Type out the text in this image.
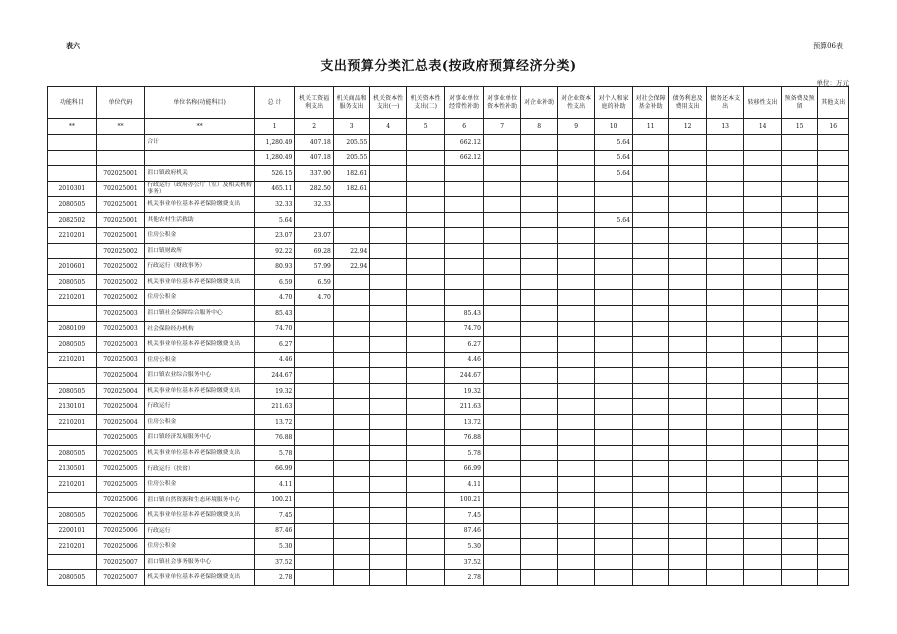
表六	预算06表
支出预算分类汇总表(按政府预算经济分类)
单位：万元
功能科目	单位代码	单位名称(功能科目)	总 计	机关工资福利支出	机关商品和服务支出	机关资本性支出(一)	机关资本性支出(二)	对事业单位经常性补助	对事业单位资本性补助	对企业补助	对企业资本性支出	对个人和家庭的补助	对社会保障基金补助	债务利息及费用支出	债务还本支出	转移性支出	预备费及预留	其他支出
**	**	**	1	2	3	4	5	6	7	8	9	10	11	12	13	14	15	16
		合计	1,280.49	407.18	205.55			662.12				5.64						
			1,280.49	407.18	205.55			662.12				5.64						
	702025001	沮口镇政府机关	526.15	337.90	182.61							5.64						
2010301	702025001	行政运行（政府办公厅（室）及相关机构事务）	465.11	282.50	182.61													
2080505	702025001	机关事业单位基本养老保险缴费支出	32.33	32.33														
2082502	702025001	其他农村生活救助	5.64									5.64						
2210201	702025001	住房公积金	23.07	23.07														
	702025002	沮口镇财政所	92.22	69.28	22.94													
2010601	702025002	行政运行（财政事务）	80.93	57.99	22.94													
2080505	702025002	机关事业单位基本养老保险缴费支出	6.59	6.59														
2210201	702025002	住房公积金	4.70	4.70														
	702025003	沮口镇社会保障综合服务中心	85.43					85.43										
2080109	702025003	社会保险经办机构	74.70					74.70										
2080505	702025003	机关事业单位基本养老保险缴费支出	6.27					6.27										
2210201	702025003	住房公积金	4.46					4.46										
	702025004	沮口镇农业综合服务中心	244.67					244.67										
2080505	702025004	机关事业单位基本养老保险缴费支出	19.32					19.32										
2130101	702025004	行政运行	211.63					211.63										
2210201	702025004	住房公积金	13.72					13.72										
	702025005	沮口镇经济发展服务中心	76.88					76.88										
2080505	702025005	机关事业单位基本养老保险缴费支出	5.78					5.78										
2130501	702025005	行政运行（扶贫）	66.99					66.99										
2210201	702025005	住房公积金	4.11					4.11										
	702025006	沮口镇自然资源和生态环境服务中心	100.21					100.21										
2080505	702025006	机关事业单位基本养老保险缴费支出	7.45					7.45										
2200101	702025006	行政运行	87.46					87.46										
2210201	702025006	住房公积金	5.30					5.30										
	702025007	沮口镇社会事务服务中心	37.52					37.52										
2080505	702025007	机关事业单位基本养老保险缴费支出	2.78					2.78										
